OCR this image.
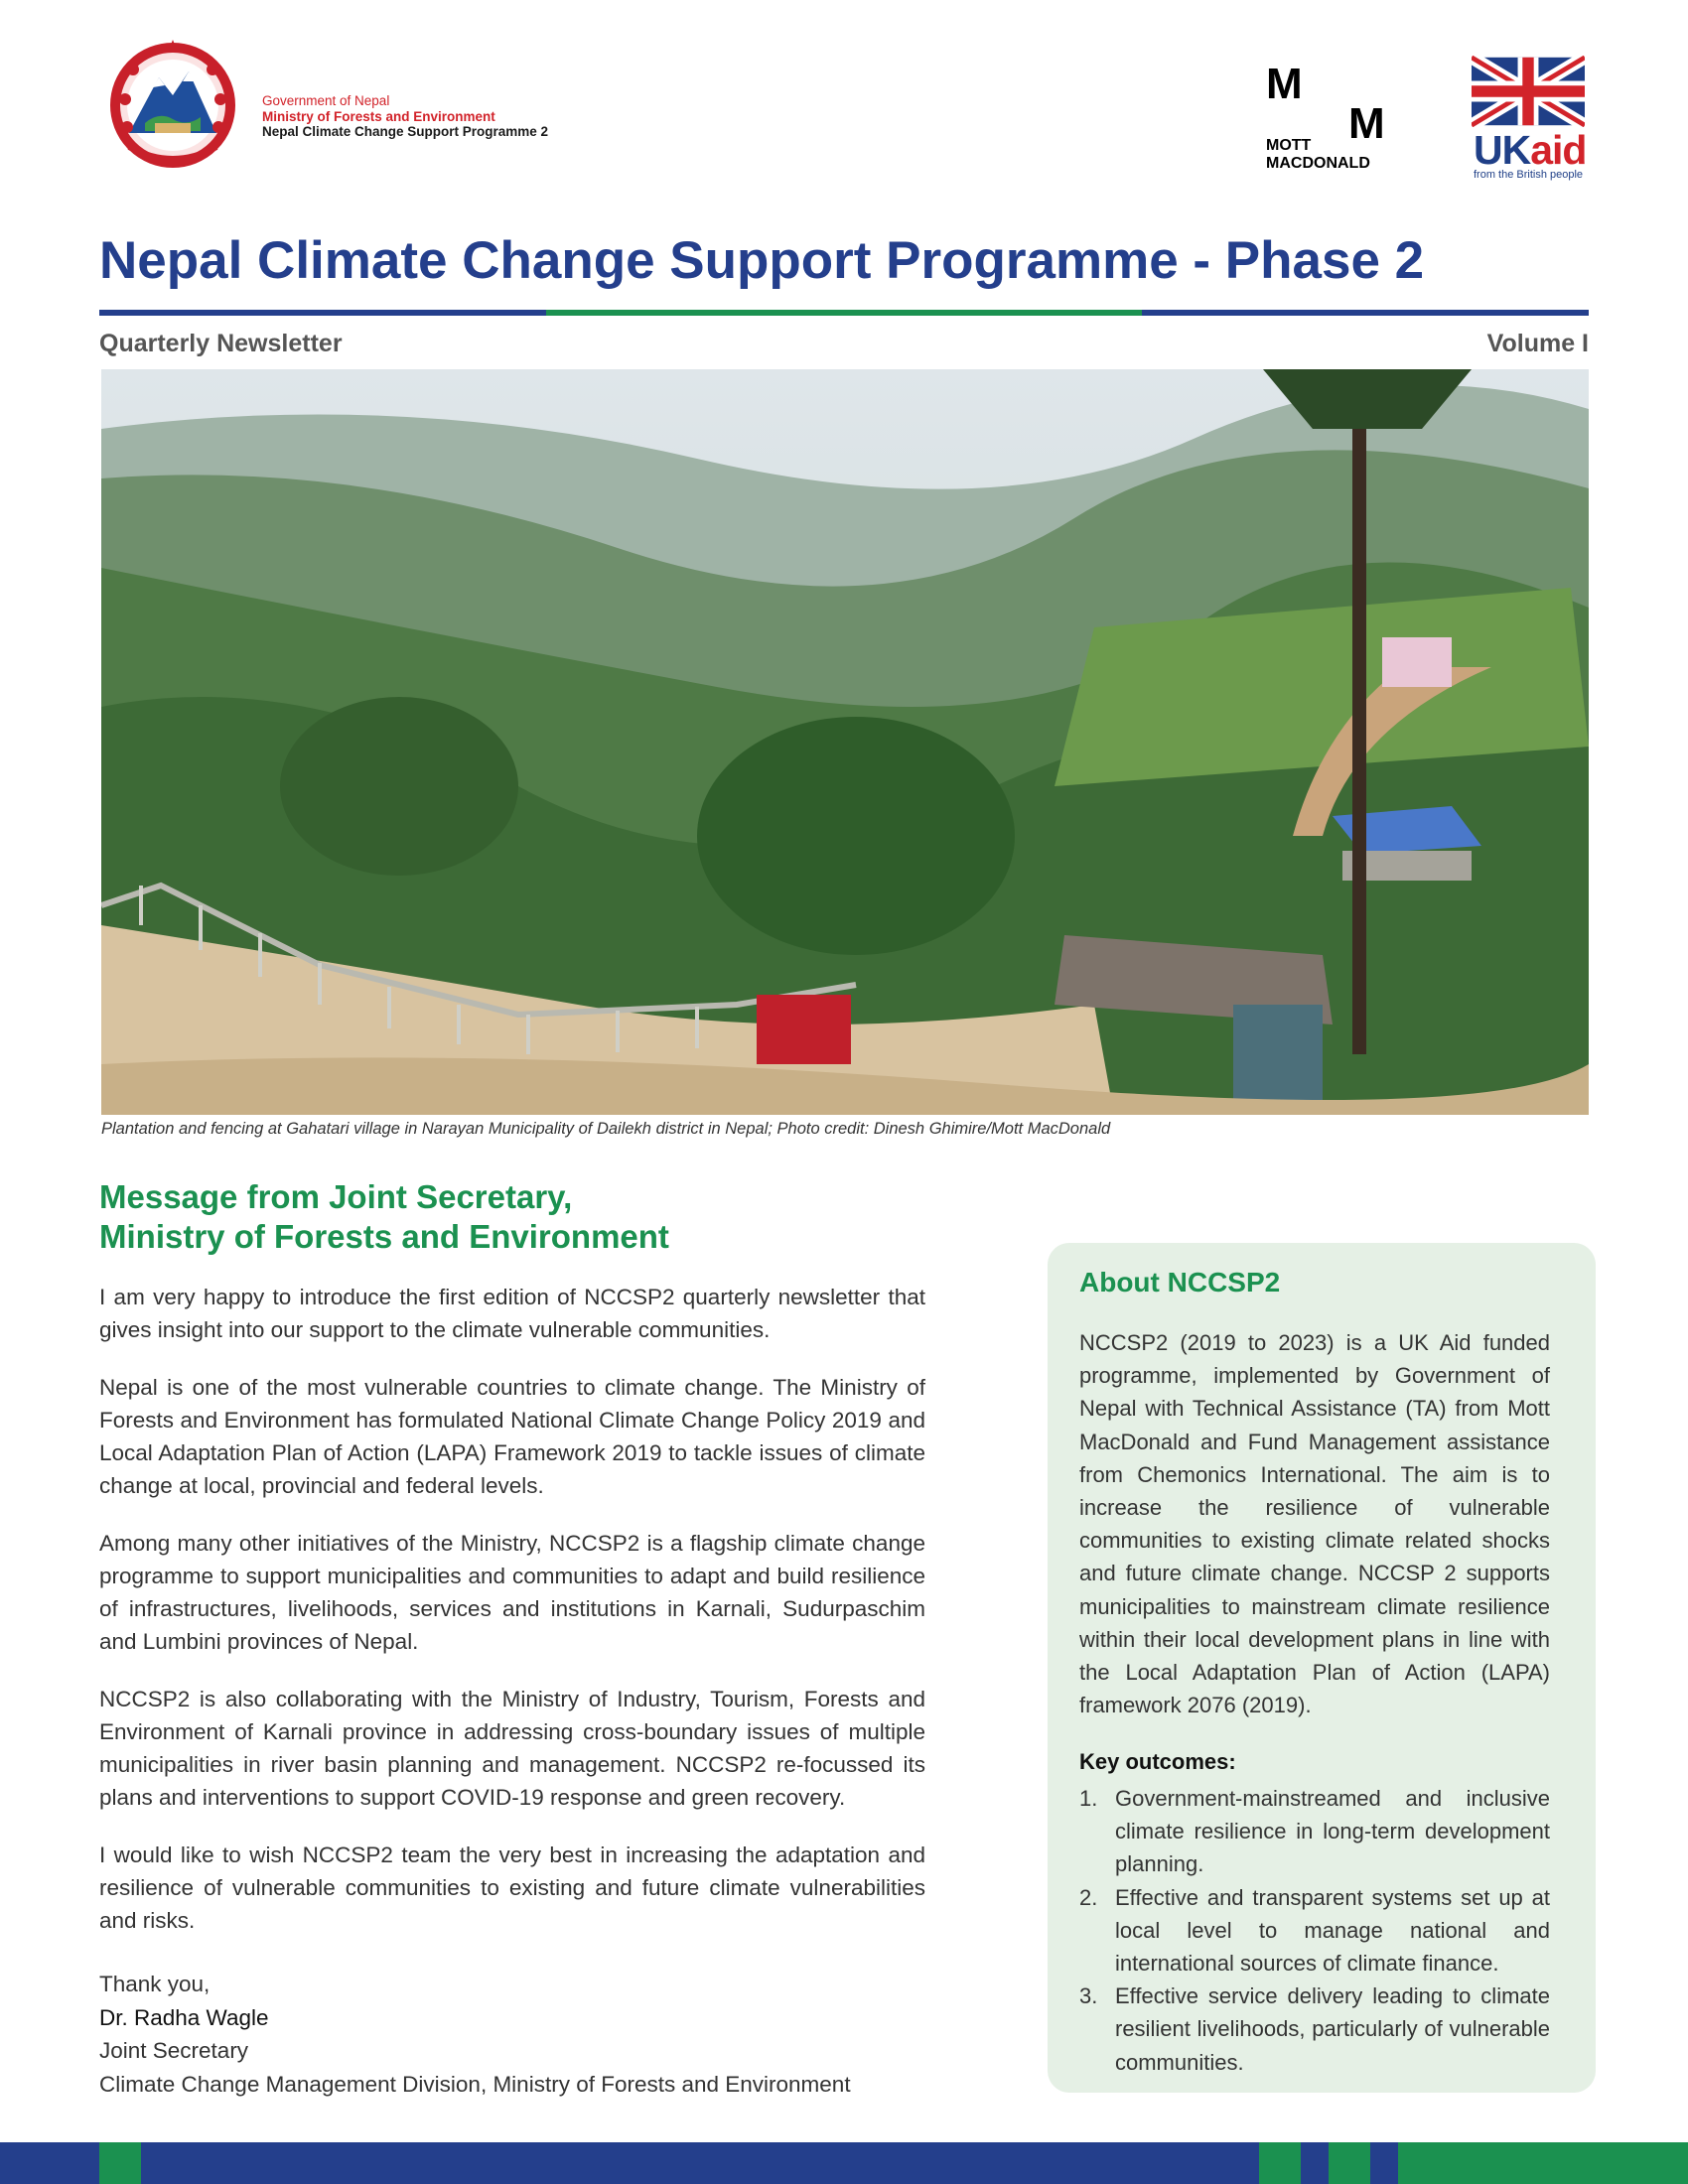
Government of Nepal
Ministry of Forests and Environment
Nepal Climate Change Support Programme 2
M
M
MOTT
MACDONALD	UKaid
from the British people
Nepal Climate Change Support Programme - Phase 2
Quarterly Newsletter	Volume I
Plantation and fencing at Gahatari village in Narayan Municipality of Dailekh district in Nepal; Photo credit: Dinesh Ghimire/Mott MacDonald
Message from Joint Secretary,
Ministry of Forests and Environment

I am very happy to introduce the first edition of NCCSP2 quarterly newsletter that gives insight into our support to the climate vulnerable communities.

Nepal is one of the most vulnerable countries to climate change. The Ministry of Forests and Environment has formulated National Climate Change Policy 2019 and Local Adaptation Plan of Action (LAPA) Framework 2019 to tackle issues of climate change at local, provincial and federal levels.

Among many other initiatives of the Ministry, NCCSP2 is a flagship climate change programme to support municipalities and communities to adapt and build resilience of infrastructures, livelihoods, services and institutions in Karnali, Sudurpaschim and Lumbini provinces of Nepal.

NCCSP2 is also collaborating with the Ministry of Industry, Tourism, Forests and Environment of Karnali province in addressing cross-boundary issues of multiple municipalities in river basin planning and management. NCCSP2 re-focussed its plans and interventions to support COVID-19 response and green recovery.

I would like to wish NCCSP2 team the very best in increasing the adaptation and resilience of vulnerable communities to existing and future climate vulnerabilities and risks.

Thank you,
Dr. Radha Wagle
Joint Secretary
Climate Change Management Division, Ministry of Forests and Environment
About NCCSP2
NCCSP2 (2019 to 2023) is a UK Aid funded programme, implemented by Government of Nepal with Technical Assistance (TA) from Mott MacDonald and Fund Management assistance from Chemonics International. The aim is to increase the resilience of vulnerable communities to existing climate related shocks and future climate change. NCCSP 2 supports municipalities to mainstream climate resilience within their local development plans in line with the Local Adaptation Plan of Action (LAPA) framework 2076 (2019).
Key outcomes:
1. Government-mainstreamed and inclusive climate resilience in long-term development planning.
2. Effective and transparent systems set up at local level to manage national and international sources of climate finance.
3. Effective service delivery leading to climate resilient livelihoods, particularly of vulnerable communities.
